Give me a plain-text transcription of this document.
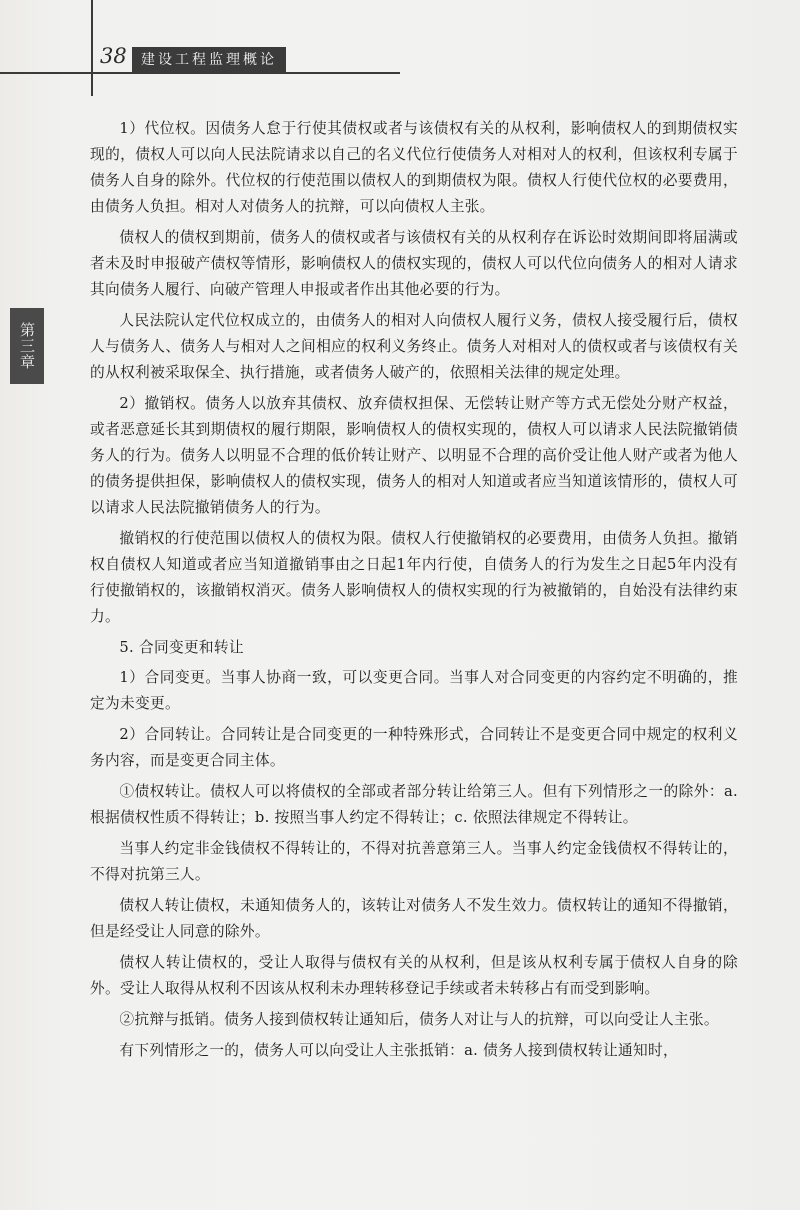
38	建设工程监理概论
第三章

1）代位权。因债务人怠于行使其债权或者与该债权有关的从权利，影响债权人的到期债权实现的，债权人可以向人民法院请求以自己的名义代位行使债务人对相对人的权利，但该权利专属于债务人自身的除外。代位权的行使范围以债权人的到期债权为限。债权人行使代位权的必要费用，由债务人负担。相对人对债务人的抗辩，可以向债权人主张。

债权人的债权到期前，债务人的债权或者与该债权有关的从权利存在诉讼时效期间即将届满或者未及时申报破产债权等情形，影响债权人的债权实现的，债权人可以代位向债务人的相对人请求其向债务人履行、向破产管理人申报或者作出其他必要的行为。

人民法院认定代位权成立的，由债务人的相对人向债权人履行义务，债权人接受履行后，债权人与债务人、债务人与相对人之间相应的权利义务终止。债务人对相对人的债权或者与该债权有关的从权利被采取保全、执行措施，或者债务人破产的，依照相关法律的规定处理。

2）撤销权。债务人以放弃其债权、放弃债权担保、无偿转让财产等方式无偿处分财产权益，或者恶意延长其到期债权的履行期限，影响债权人的债权实现的，债权人可以请求人民法院撤销债务人的行为。债务人以明显不合理的低价转让财产、以明显不合理的高价受让他人财产或者为他人的债务提供担保，影响债权人的债权实现，债务人的相对人知道或者应当知道该情形的，债权人可以请求人民法院撤销债务人的行为。

撤销权的行使范围以债权人的债权为限。债权人行使撤销权的必要费用，由债务人负担。撤销权自债权人知道或者应当知道撤销事由之日起1年内行使，自债务人的行为发生之日起5年内没有行使撤销权的，该撤销权消灭。债务人影响债权人的债权实现的行为被撤销的，自始没有法律约束力。

5. 合同变更和转让

1）合同变更。当事人协商一致，可以变更合同。当事人对合同变更的内容约定不明确的，推定为未变更。

2）合同转让。合同转让是合同变更的一种特殊形式，合同转让不是变更合同中规定的权利义务内容，而是变更合同主体。

①债权转让。债权人可以将债权的全部或者部分转让给第三人。但有下列情形之一的除外：a. 根据债权性质不得转让；b. 按照当事人约定不得转让；c. 依照法律规定不得转让。

当事人约定非金钱债权不得转让的，不得对抗善意第三人。当事人约定金钱债权不得转让的，不得对抗第三人。

债权人转让债权，未通知债务人的，该转让对债务人不发生效力。债权转让的通知不得撤销，但是经受让人同意的除外。

债权人转让债权的，受让人取得与债权有关的从权利，但是该从权利专属于债权人自身的除外。受让人取得从权利不因该从权利未办理转移登记手续或者未转移占有而受到影响。

②抗辩与抵销。债务人接到债权转让通知后，债务人对让与人的抗辩，可以向受让人主张。

有下列情形之一的，债务人可以向受让人主张抵销：a. 债务人接到债权转让通知时，
